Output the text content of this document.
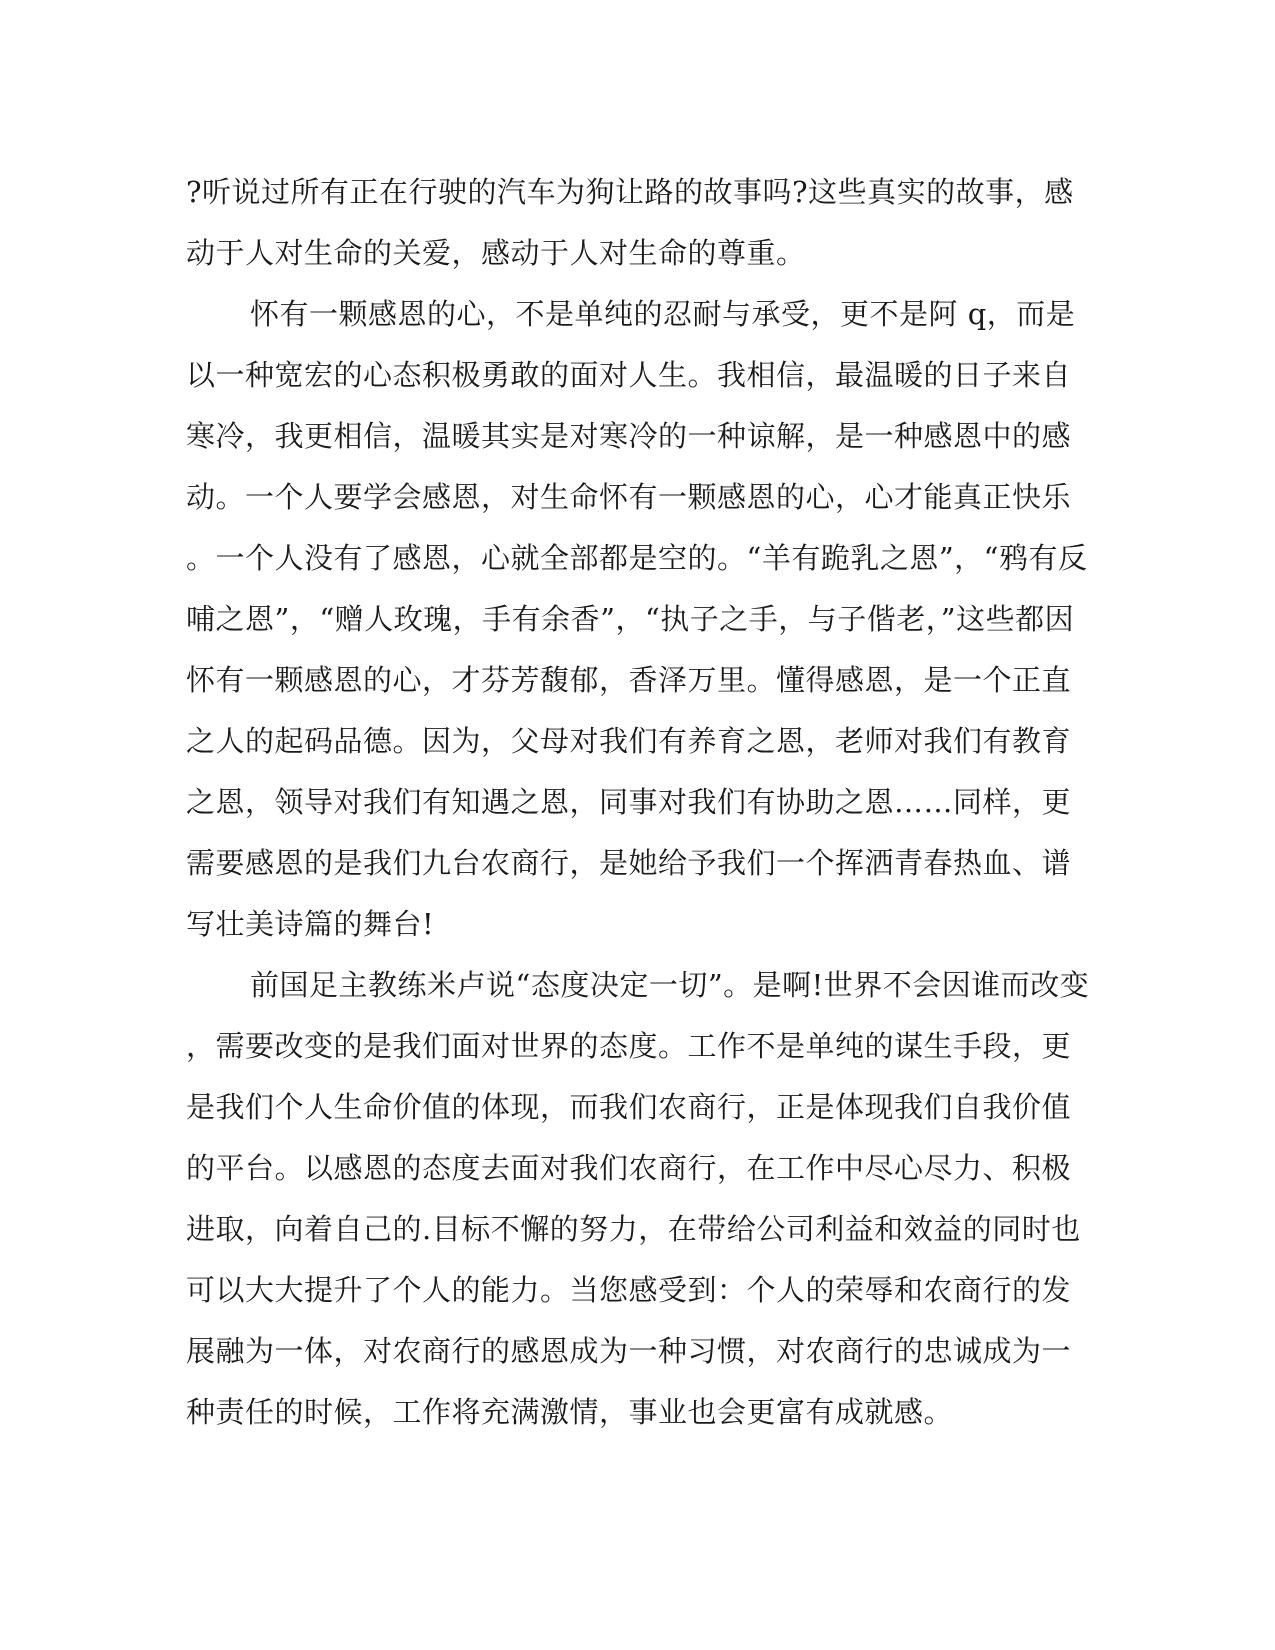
?听说过所有正在行驶的汽车为狗让路的故事吗?这些真实的故事，感
动于人对生命的关爱，感动于人对生命的尊重。
怀有一颗感恩的心，不是单纯的忍耐与承受，更不是阿 q，而是
以一种宽宏的心态积极勇敢的面对人生。我相信，最温暖的日子来自
寒冷，我更相信，温暖其实是对寒冷的一种谅解，是一种感恩中的感
动。一个人要学会感恩，对生命怀有一颗感恩的心，心才能真正快乐
。一个人没有了感恩，心就全部都是空的。“羊有跪乳之恩”，“鸦有反
哺之恩”，“赠人玫瑰，手有余香”，“执子之手，与子偕老，”这些都因
怀有一颗感恩的心，才芬芳馥郁，香泽万里。懂得感恩，是一个正直
之人的起码品德。因为，父母对我们有养育之恩，老师对我们有教育
之恩，领导对我们有知遇之恩，同事对我们有协助之恩……同样，更
需要感恩的是我们九台农商行，是她给予我们一个挥洒青春热血、谱
写壮美诗篇的舞台!
前国足主教练米卢说“态度决定一切”。是啊!世界不会因谁而改变
，需要改变的是我们面对世界的态度。工作不是单纯的谋生手段，更
是我们个人生命价值的体现，而我们农商行，正是体现我们自我价值
的平台。以感恩的态度去面对我们农商行，在工作中尽心尽力、积极
进取，向着自己的.目标不懈的努力，在带给公司利益和效益的同时也
可以大大提升了个人的能力。当您感受到：个人的荣辱和农商行的发
展融为一体，对农商行的感恩成为一种习惯，对农商行的忠诚成为一
种责任的时候，工作将充满激情，事业也会更富有成就感。
